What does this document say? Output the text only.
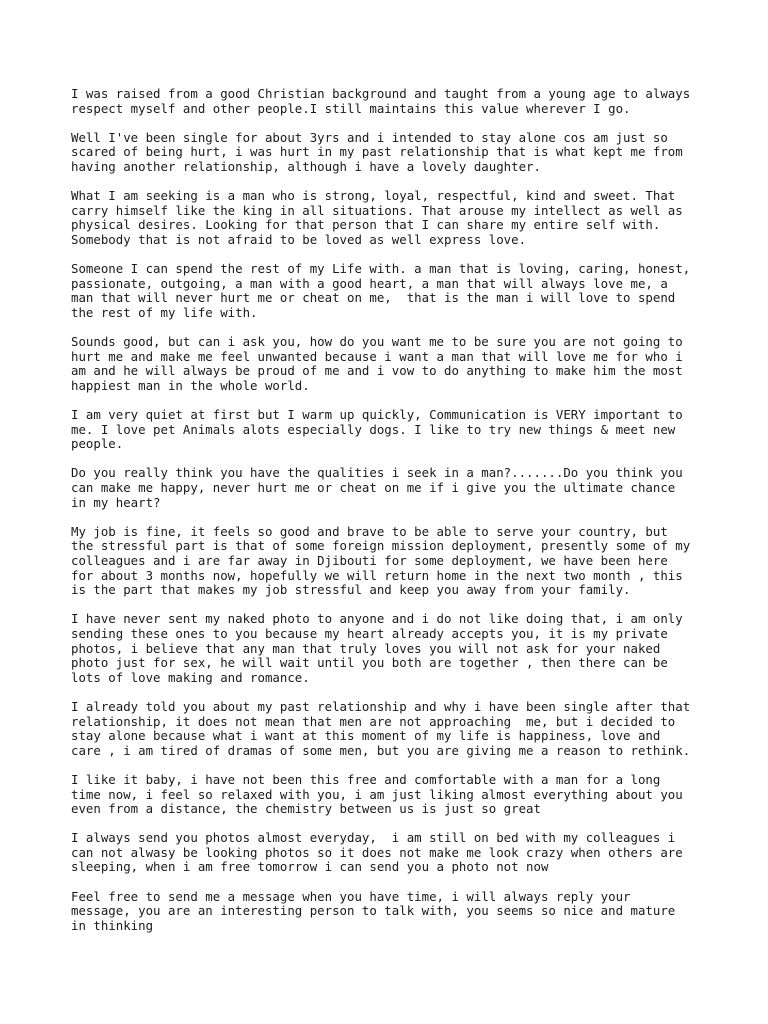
I was raised from a good Christian background and taught from a young age to always
respect myself and other people.I still maintains this value wherever I go.

Well I've been single for about 3yrs and i intended to stay alone cos am just so
scared of being hurt, i was hurt in my past relationship that is what kept me from
having another relationship, although i have a lovely daughter.

What I am seeking is a man who is strong, loyal, respectful, kind and sweet. That
carry himself like the king in all situations. That arouse my intellect as well as
physical desires. Looking for that person that I can share my entire self with.
Somebody that is not afraid to be loved as well express love.

Someone I can spend the rest of my Life with. a man that is loving, caring, honest,
passionate, outgoing, a man with a good heart, a man that will always love me, a
man that will never hurt me or cheat on me,  that is the man i will love to spend
the rest of my life with.

Sounds good, but can i ask you, how do you want me to be sure you are not going to
hurt me and make me feel unwanted because i want a man that will love me for who i
am and he will always be proud of me and i vow to do anything to make him the most
happiest man in the whole world.

I am very quiet at first but I warm up quickly, Communication is VERY important to
me. I love pet Animals alots especially dogs. I like to try new things & meet new
people.

Do you really think you have the qualities i seek in a man?.......Do you think you
can make me happy, never hurt me or cheat on me if i give you the ultimate chance
in my heart?

My job is fine, it feels so good and brave to be able to serve your country, but
the stressful part is that of some foreign mission deployment, presently some of my
colleagues and i are far away in Djibouti for some deployment, we have been here
for about 3 months now, hopefully we will return home in the next two month , this
is the part that makes my job stressful and keep you away from your family.

I have never sent my naked photo to anyone and i do not like doing that, i am only
sending these ones to you because my heart already accepts you, it is my private
photos, i believe that any man that truly loves you will not ask for your naked
photo just for sex, he will wait until you both are together , then there can be
lots of love making and romance.

I already told you about my past relationship and why i have been single after that
relationship, it does not mean that men are not approaching  me, but i decided to
stay alone because what i want at this moment of my life is happiness, love and
care , i am tired of dramas of some men, but you are giving me a reason to rethink.

I like it baby, i have not been this free and comfortable with a man for a long
time now, i feel so relaxed with you, i am just liking almost everything about you
even from a distance, the chemistry between us is just so great

I always send you photos almost everyday,  i am still on bed with my colleagues i
can not alwasy be looking photos so it does not make me look crazy when others are
sleeping, when i am free tomorrow i can send you a photo not now

Feel free to send me a message when you have time, i will always reply your
message, you are an interesting person to talk with, you seems so nice and mature
in thinking
